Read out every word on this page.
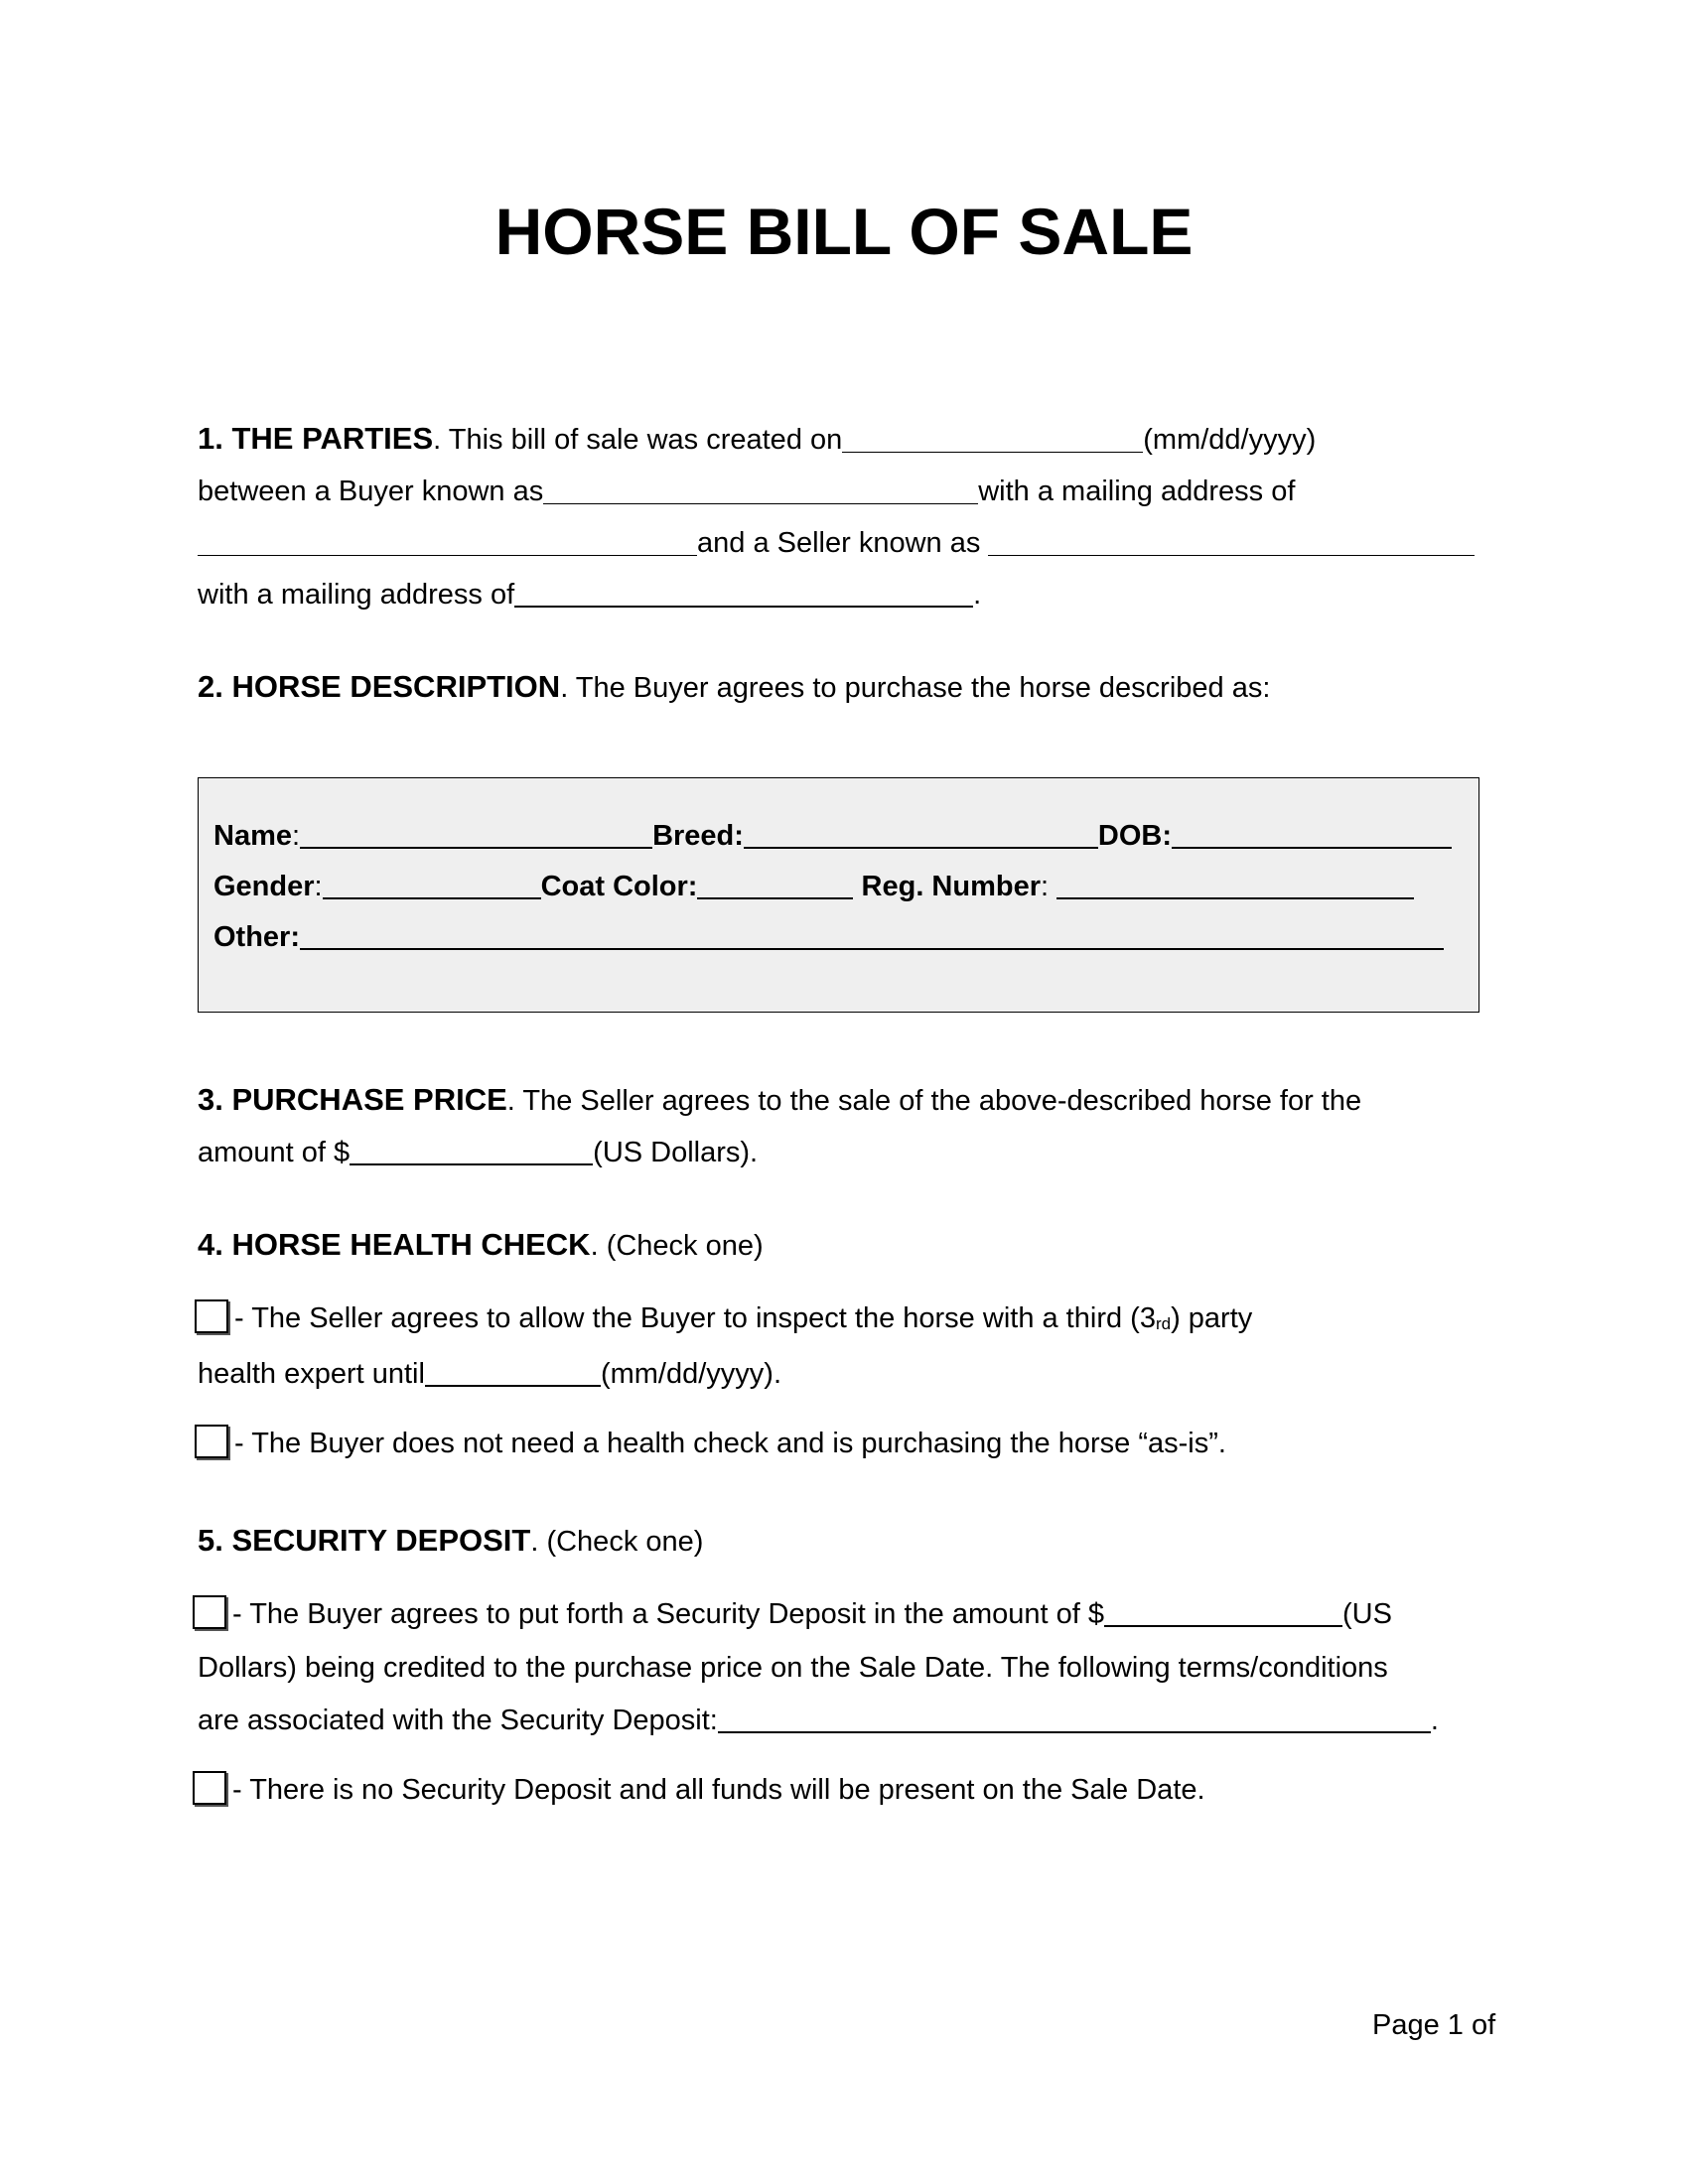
HORSE BILL OF SALE
1. THE PARTIES. This bill of sale was created on	(mm/dd/yyyy)
between a Buyer known as	with a mailing address of
and a Seller known as
with a mailing address of	.
2. HORSE DESCRIPTION. The Buyer agrees to purchase the horse described as:
Name:	Breed:	DOB:
Gender:	Coat Color:	Reg. Number:
Other:
3. PURCHASE PRICE. The Seller agrees to the sale of the above-described horse for the
amount of $	(US Dollars).
4. HORSE HEALTH CHECK. (Check one)
- The Seller agrees to allow the Buyer to inspect the horse with a third $(3_{rd})$ party
health expert until	(mm/dd/yyyy).
- The Buyer does not need a health check and is purchasing the horse “as-is”.
5. SECURITY DEPOSIT. (Check one)
- The Buyer agrees to put forth a Security Deposit in the amount of $	(US
Dollars) being credited to the purchase price on the Sale Date. The following terms/conditions
are associated with the Security Deposit:	.
- There is no Security Deposit and all funds will be present on the Sale Date.
Page 1 of
